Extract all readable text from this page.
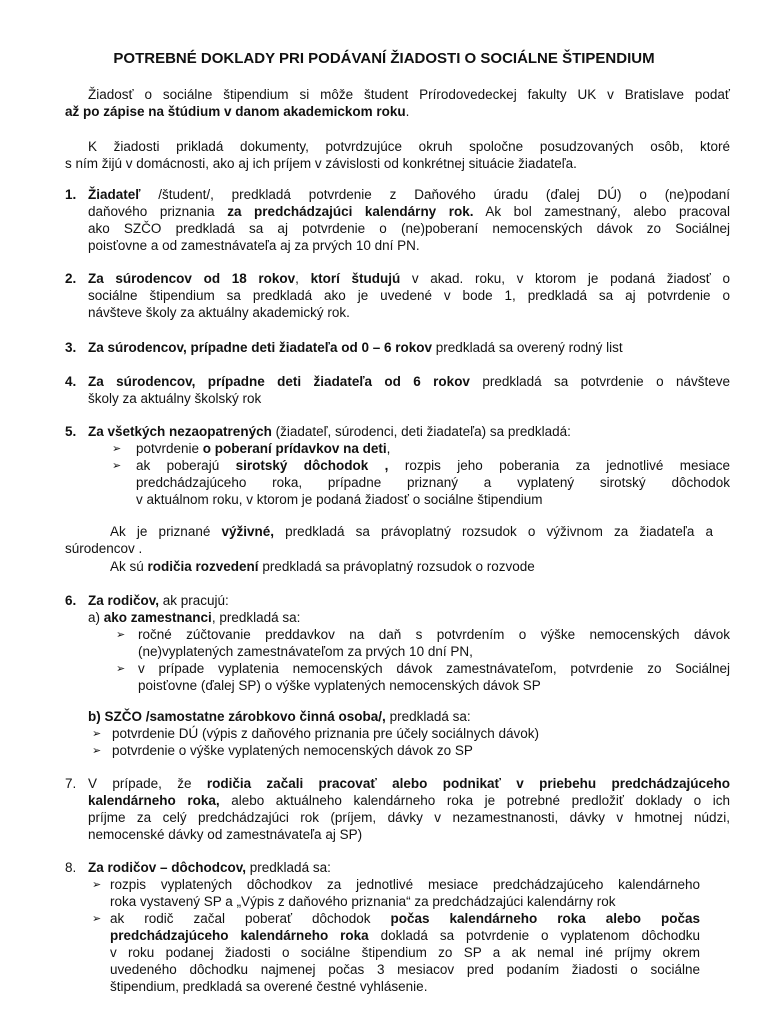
POTREBNÉ DOKLADY PRI PODÁVANÍ ŽIADOSTI O SOCIÁLNE ŠTIPENDIUM
Žiadosť o sociálne štipendium si môže študent Prírodovedeckej fakulty UK v Bratislave podať
až po zápise na štúdium v danom akademickom roku.
K žiadosti prikladá dokumenty, potvrdzujúce okruh spoločne posudzovaných osôb, ktoré
s ním žijú v domácnosti, ako aj ich príjem v závislosti od konkrétnej situácie žiadateľa.
1. Žiadateľ /študent/, predkladá potvrdenie z Daňového úradu (ďalej DÚ) o (ne)podaní
daňového priznania za predchádzajúci kalendárny rok. Ak bol zamestnaný, alebo pracoval
ako SZČO predkladá sa aj potvrdenie o (ne)poberaní nemocenských dávok zo Sociálnej
poisťovne a od zamestnávateľa aj za prvých 10 dní PN.
2. Za súrodencov od 18 rokov, ktorí študujú v akad. roku, v ktorom je podaná žiadosť o
sociálne štipendium sa predkladá ako je uvedené v bode 1, predkladá sa aj potvrdenie o
návšteve školy za aktuálny akademický rok.
3. Za súrodencov, prípadne deti žiadateľa od 0 – 6 rokov predkladá sa overený rodný list
4. Za súrodencov, prípadne deti žiadateľa od 6 rokov predkladá sa potvrdenie o návšteve
školy za aktuálny školský rok
5. Za všetkých nezaopatrených (žiadateľ, súrodenci, deti žiadateľa) sa predkladá:
6. Za rodičov, ak pracujú:
7. V prípade, že rodičia začali pracovať alebo podnikať v priebehu predchádzajúceho
kalendárneho roka, alebo aktuálneho kalendárneho roka je potrebné predložiť doklady o ich
príjme za celý predchádzajúci rok (príjem, dávky v nezamestnanosti, dávky v hmotnej núdzi,
nemocenské dávky od zamestnávateľa aj SP)
8. Za rodičov – dôchodcov, predkladá sa:
➢ potvrdenie o poberaní prídavkov na deti,
➢ ak poberajú sirotský dôchodok , rozpis jeho poberania za jednotlivé mesiace
predchádzajúceho roka, prípadne priznaný a vyplatený sirotský dôchodok
v aktuálnom roku, v ktorom je podaná žiadosť o sociálne štipendium
Ak je priznané výživné, predkladá sa právoplatný rozsudok o výživnom za žiadateľa a
súrodencov .
Ak sú rodičia rozvedení predkladá sa právoplatný rozsudok o rozvode
a) ako zamestnanci, predkladá sa:
➢ ročné zúčtovanie preddavkov na daň s potvrdením o výške nemocenských dávok
(ne)vyplatených zamestnávateľom za prvých 10 dní PN,
➢ v prípade vyplatenia nemocenských dávok zamestnávateľom, potvrdenie zo Sociálnej
poisťovne (ďalej SP) o výške vyplatených nemocenských dávok SP
b) SZČO /samostatne zárobkovo činná osoba/, predkladá sa:
➢ potvrdenie DÚ (výpis z daňového priznania pre účely sociálnych dávok)
➢ potvrdenie o výške vyplatených nemocenských dávok zo SP
➢ rozpis vyplatených dôchodkov za jednotlivé mesiace predchádzajúceho kalendárneho
roka vystavený SP a „Výpis z daňového priznania“ za predchádzajúci kalendárny rok
➢ ak rodič začal poberať dôchodok počas kalendárneho roka alebo počas
predchádzajúceho kalendárneho roka dokladá sa potvrdenie o vyplatenom dôchodku
v roku podanej žiadosti o sociálne štipendium zo SP a ak nemal iné príjmy okrem
uvedeného dôchodku najmenej počas 3 mesiacov pred podaním žiadosti o sociálne
štipendium, predkladá sa overené čestné vyhlásenie.
